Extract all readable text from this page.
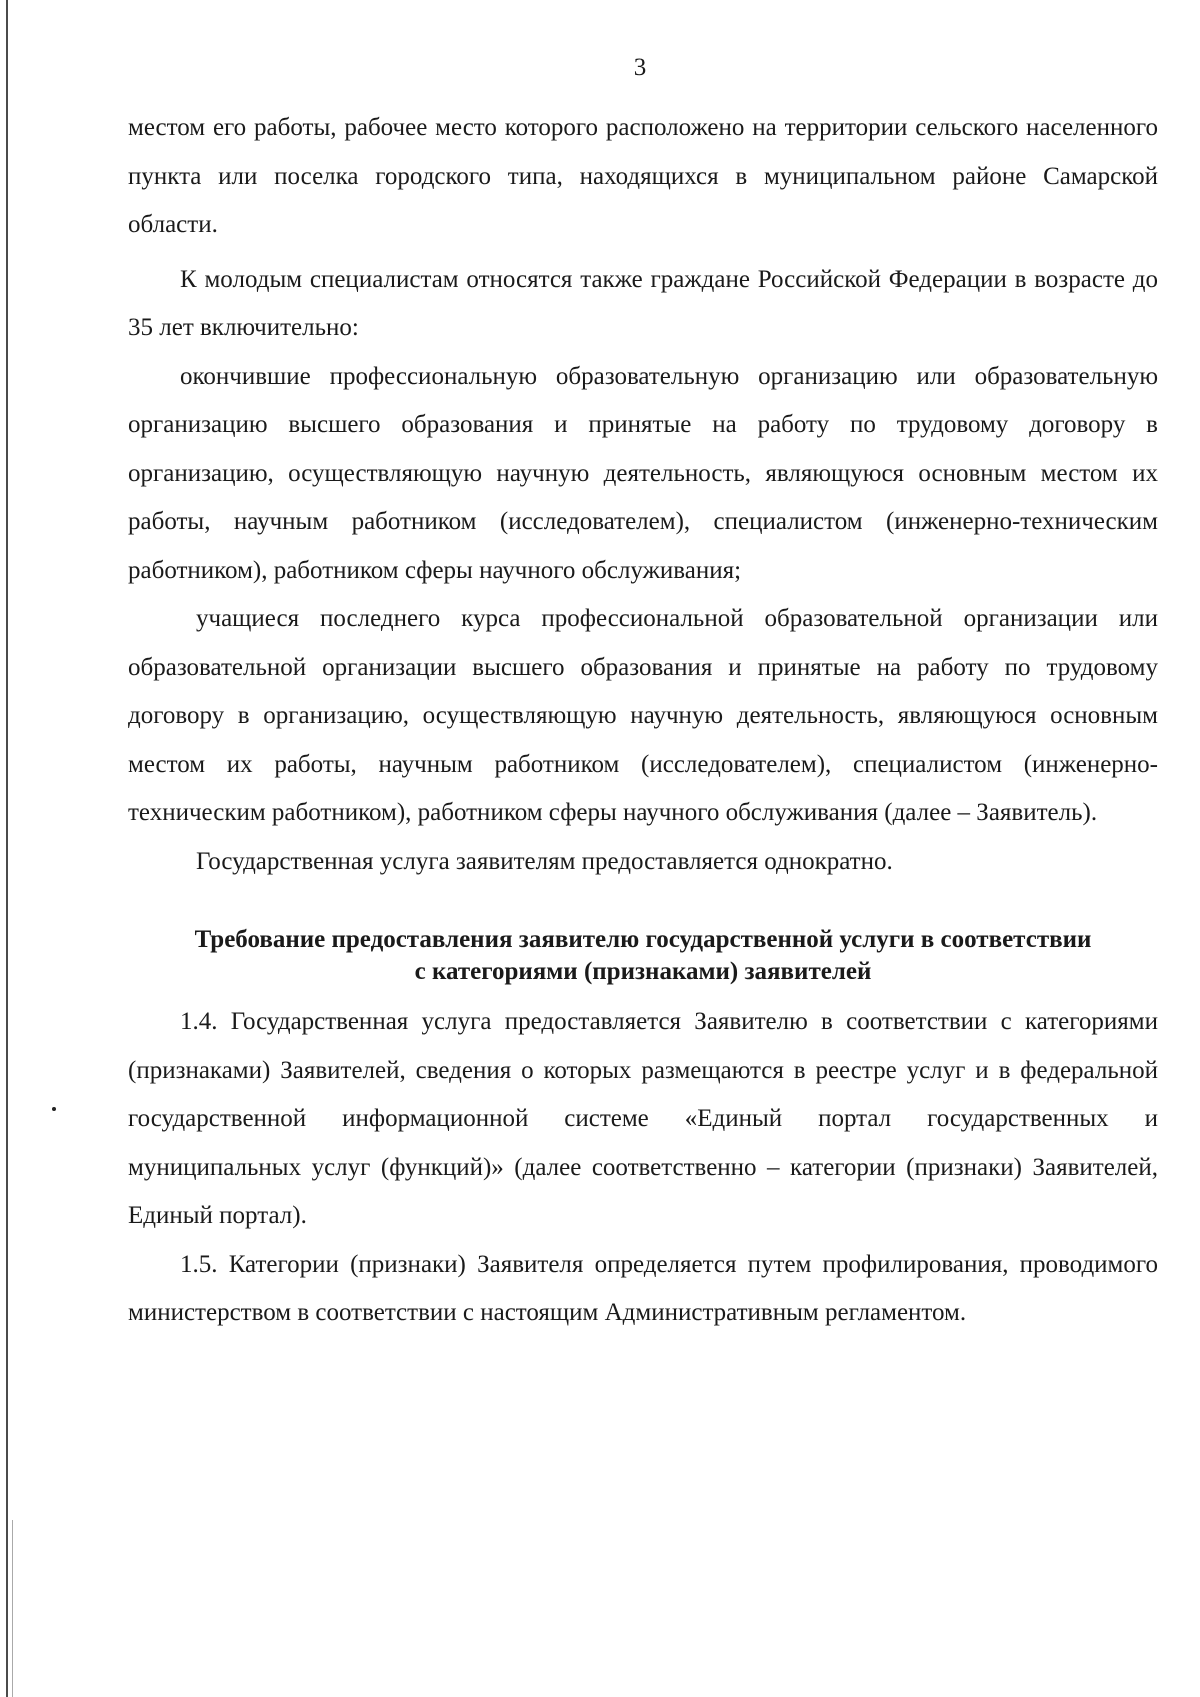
3

местом его работы, рабочее место которого расположено на территории сельского населенного пункта или поселка городского типа, находящихся в муниципальном районе Самарской области.

К молодым специалистам относятся также граждане Российской Федерации в возрасте до 35 лет включительно:

окончившие профессиональную образовательную организацию или образовательную организацию высшего образования и принятые на работу по трудовому договору в организацию, осуществляющую научную деятельность, являющуюся основным местом их работы, научным работником (исследователем), специалистом (инженерно-техническим работником), работником сферы научного обслуживания;

учащиеся последнего курса профессиональной образовательной организации или образовательной организации высшего образования и принятые на работу по трудовому договору в организацию, осуществляющую научную деятельность, являющуюся основным местом их работы, научным работником (исследователем), специалистом (инженерно-техническим работником), работником сферы научного обслуживания (далее – Заявитель).

Государственная услуга заявителям предоставляется однократно.

Требование предоставления заявителю государственной услуги в соответствии
с категориями (признаками) заявителей

1.4. Государственная услуга предоставляется Заявителю в соответствии с категориями (признаками) Заявителей, сведения о которых размещаются в реестре услуг и в федеральной государственной информационной системе «Единый портал государственных и муниципальных услуг (функций)» (далее соответственно – категории (признаки) Заявителей, Единый портал).

1.5. Категории (признаки) Заявителя определяется путем профилирования, проводимого министерством в соответствии с настоящим Административным регламентом.
